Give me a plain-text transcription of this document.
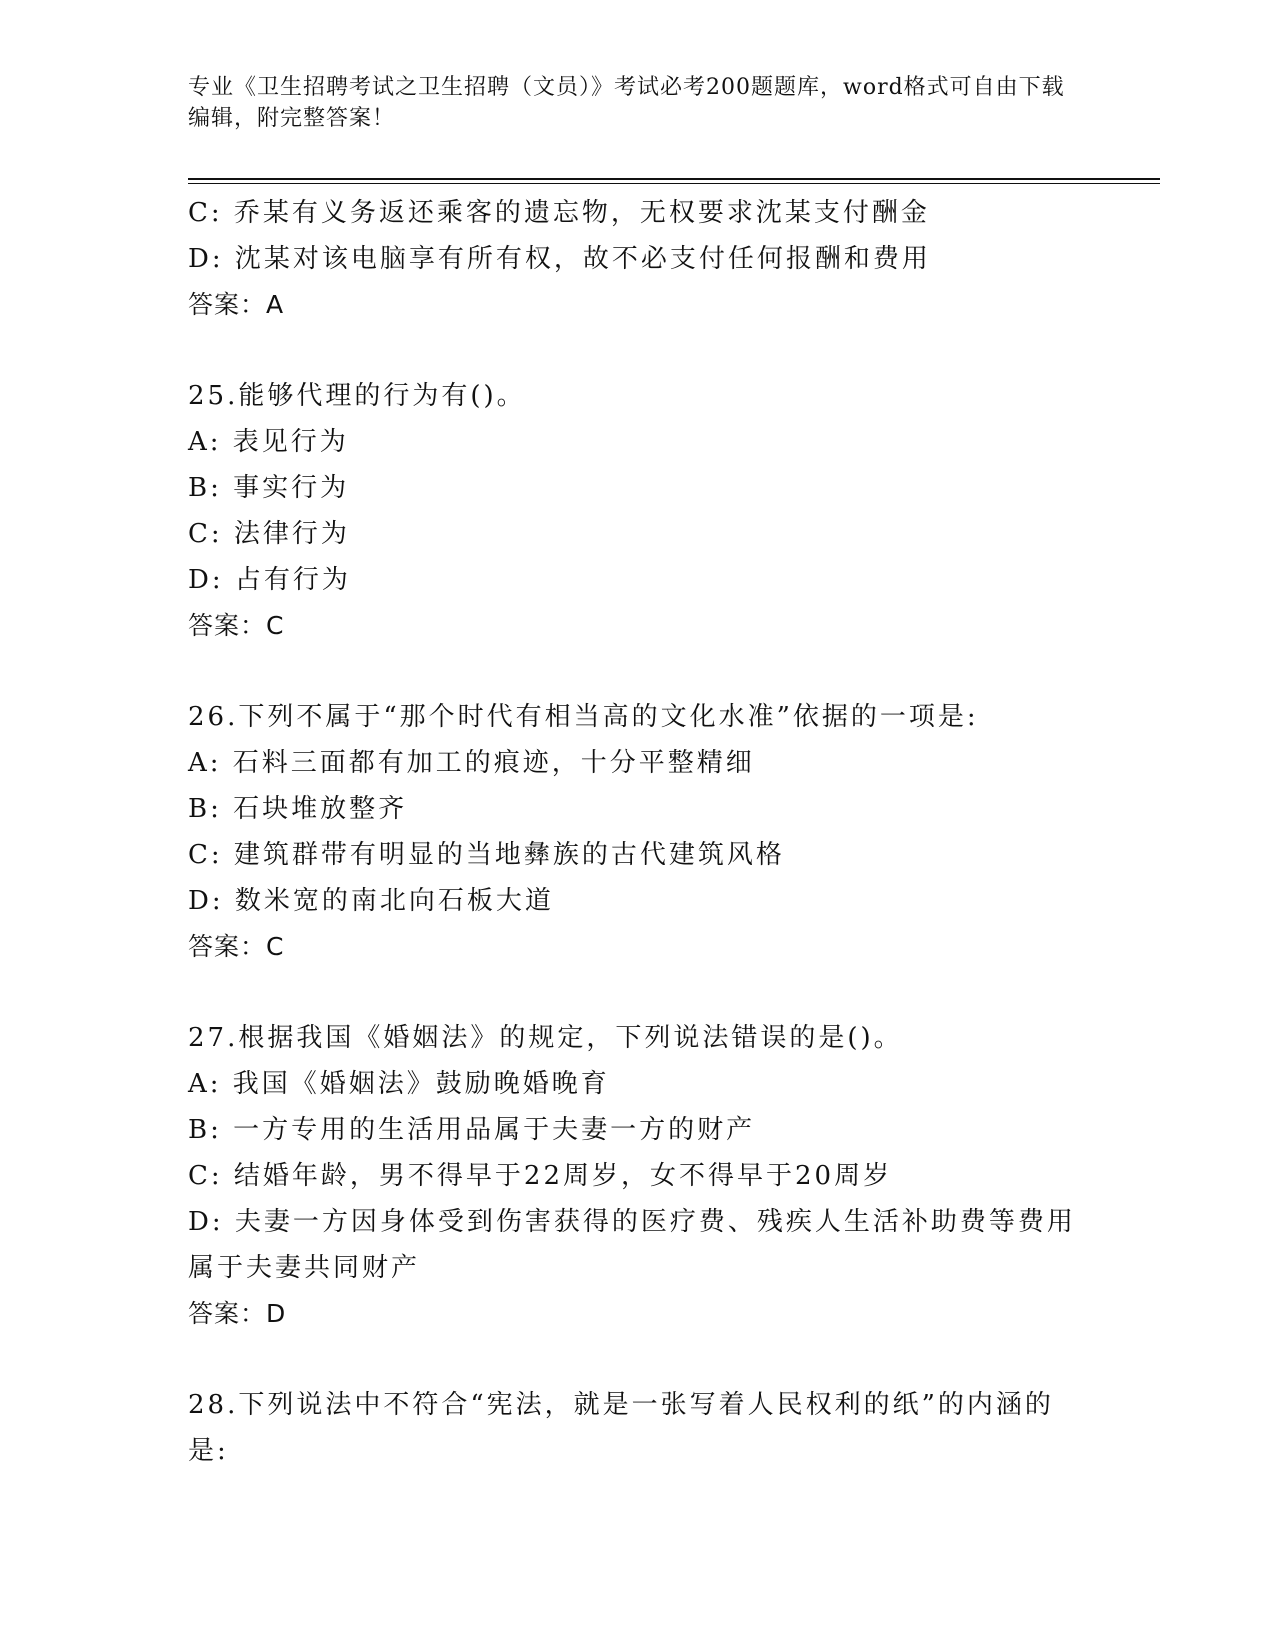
专业《卫生招聘考试之卫生招聘（文员）》考试必考200题题库，word格式可自由下载编辑，附完整答案！
C: 乔某有义务返还乘客的遗忘物，无权要求沈某支付酬金
D: 沈某对该电脑享有所有权，故不必支付任何报酬和费用
答案：A
25.能够代理的行为有()。
A: 表见行为
B: 事实行为
C: 法律行为
D: 占有行为
答案：C
26.下列不属于“那个时代有相当高的文化水准”依据的一项是:
A: 石料三面都有加工的痕迹，十分平整精细
B: 石块堆放整齐
C: 建筑群带有明显的当地彝族的古代建筑风格
D: 数米宽的南北向石板大道
答案：C
27.根据我国《婚姻法》的规定，下列说法错误的是()。
A: 我国《婚姻法》鼓励晚婚晚育
B: 一方专用的生活用品属于夫妻一方的财产
C: 结婚年龄，男不得早于22周岁，女不得早于20周岁
D: 夫妻一方因身体受到伤害获得的医疗费、残疾人生活补助费等费用属于夫妻共同财产
答案：D
28.下列说法中不符合“宪法，就是一张写着人民权利的纸”的内涵的是:
